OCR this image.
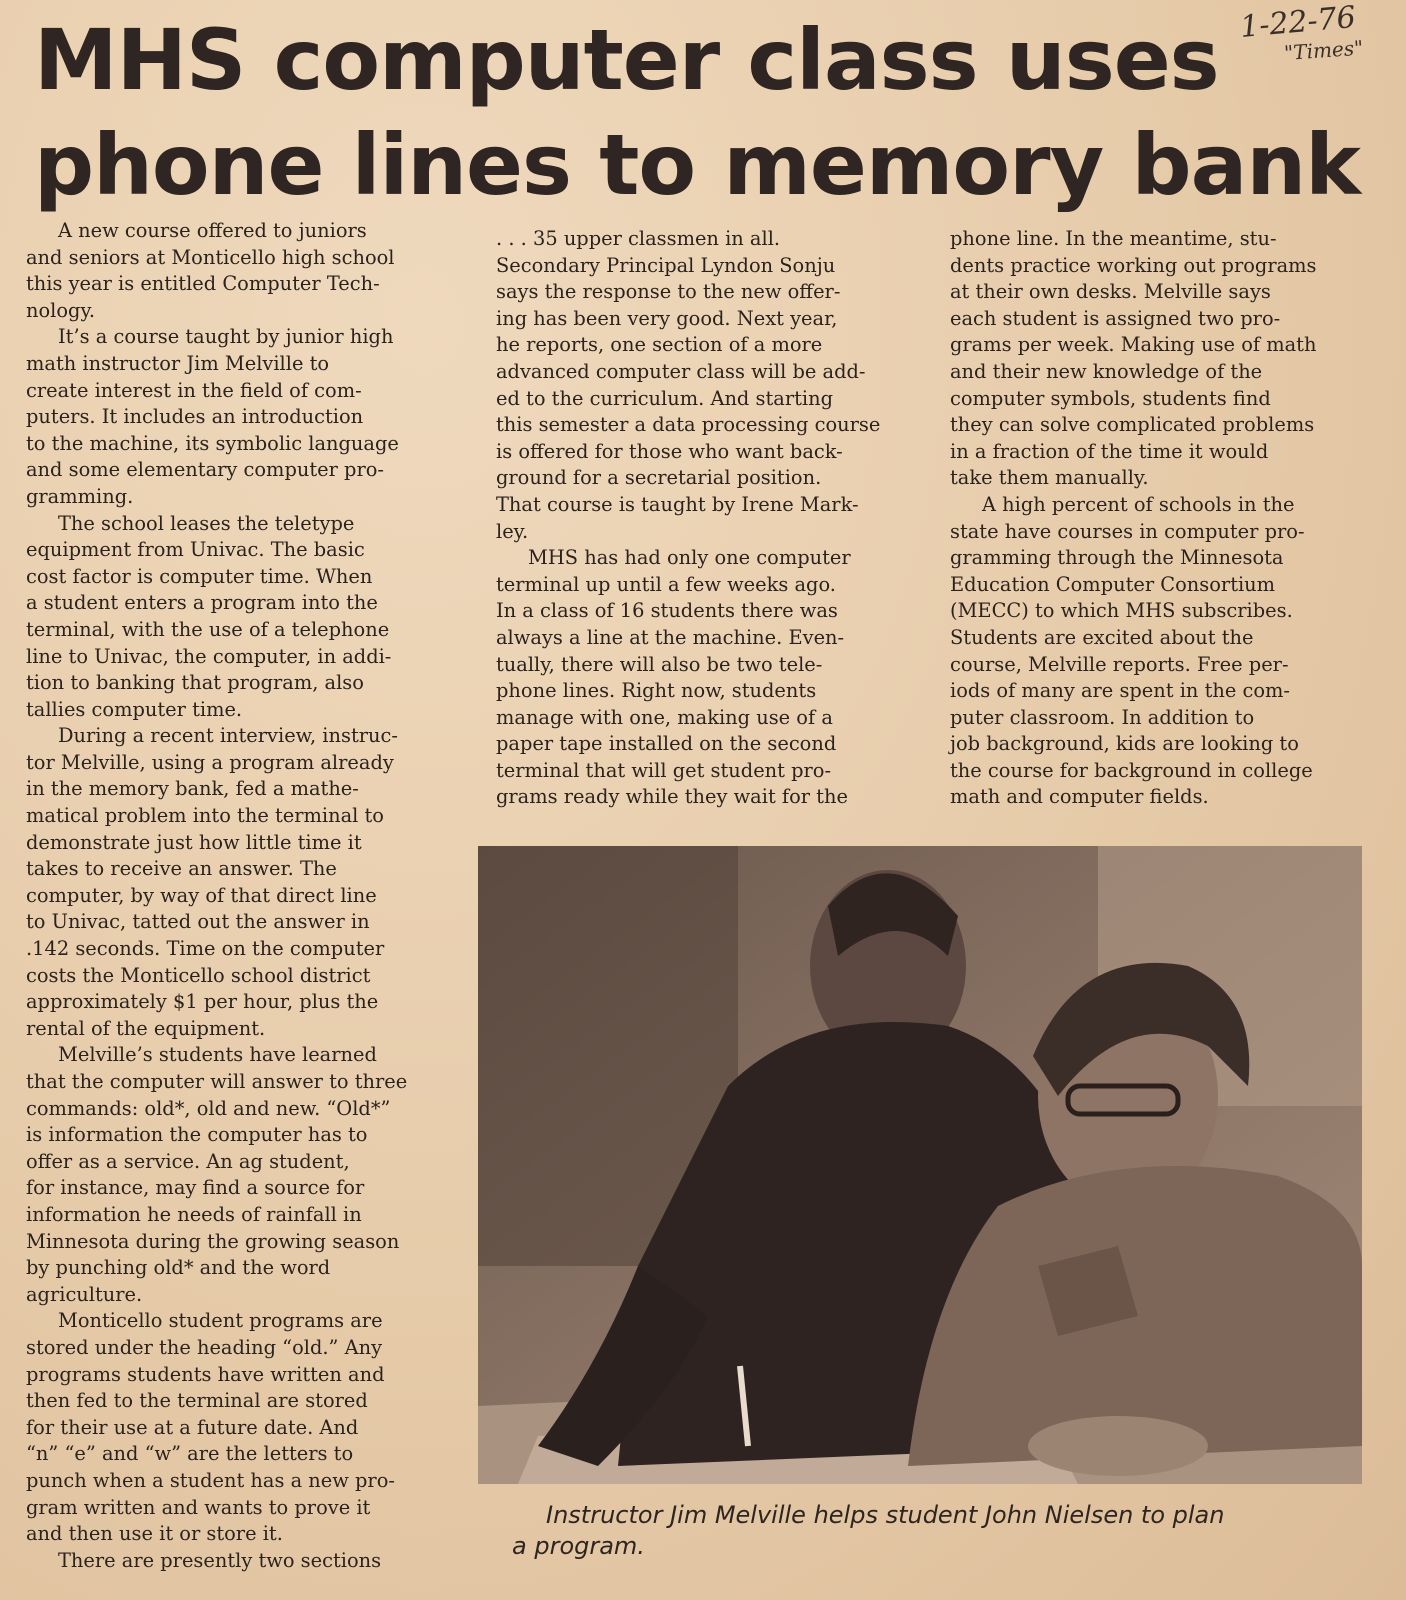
MHS computer class uses
phone lines to memory bank
1-22-76
"Times"

A new course offered to juniors
and seniors at Monticello high school
this year is entitled Computer Tech-
nology.

It’s a course taught by junior high
math instructor Jim Melville to
create interest in the field of com-
puters. It includes an introduction
to the machine, its symbolic language
and some elementary computer pro-
gramming.

The school leases the teletype
equipment from Univac. The basic
cost factor is computer time. When
a student enters a program into the
terminal, with the use of a telephone
line to Univac, the computer, in addi-
tion to banking that program, also
tallies computer time.

During a recent interview, instruc-
tor Melville, using a program already
in the memory bank, fed a mathe-
matical problem into the terminal to
demonstrate just how little time it
takes to receive an answer. The
computer, by way of that direct line
to Univac, tatted out the answer in
.142 seconds. Time on the computer
costs the Monticello school district
approximately $1 per hour, plus the
rental of the equipment.

Melville’s students have learned
that the computer will answer to three
commands: old*, old and new. “Old*”
is information the computer has to
offer as a service. An ag student,
for instance, may find a source for
information he needs of rainfall in
Minnesota during the growing season
by punching old* and the word
agriculture.

Monticello student programs are
stored under the heading “old.” Any
programs students have written and
then fed to the terminal are stored
for their use at a future date. And
“n” “e” and “w” are the letters to
punch when a student has a new pro-
gram written and wants to prove it
and then use it or store it.

There are presently two sections

. . . 35 upper classmen in all.
Secondary Principal Lyndon Sonju
says the response to the new offer-
ing has been very good. Next year,
he reports, one section of a more
advanced computer class will be add-
ed to the curriculum. And starting
this semester a data processing course
is offered for those who want back-
ground for a secretarial position.
That course is taught by Irene Mark-
ley.

MHS has had only one computer
terminal up until a few weeks ago.
In a class of 16 students there was
always a line at the machine. Even-
tually, there will also be two tele-
phone lines. Right now, students
manage with one, making use of a
paper tape installed on the second
terminal that will get student pro-
grams ready while they wait for the

phone line. In the meantime, stu-
dents practice working out programs
at their own desks. Melville says
each student is assigned two pro-
grams per week. Making use of math
and their new knowledge of the
computer symbols, students find
they can solve complicated problems
in a fraction of the time it would
take them manually.

A high percent of schools in the
state have courses in computer pro-
gramming through the Minnesota
Education Computer Consortium
(MECC) to which MHS subscribes.
Students are excited about the
course, Melville reports. Free per-
iods of many are spent in the com-
puter classroom. In addition to
job background, kids are looking to
the course for background in college
math and computer fields.

Instructor Jim Melville helps student John Nielsen to plan
a program.
